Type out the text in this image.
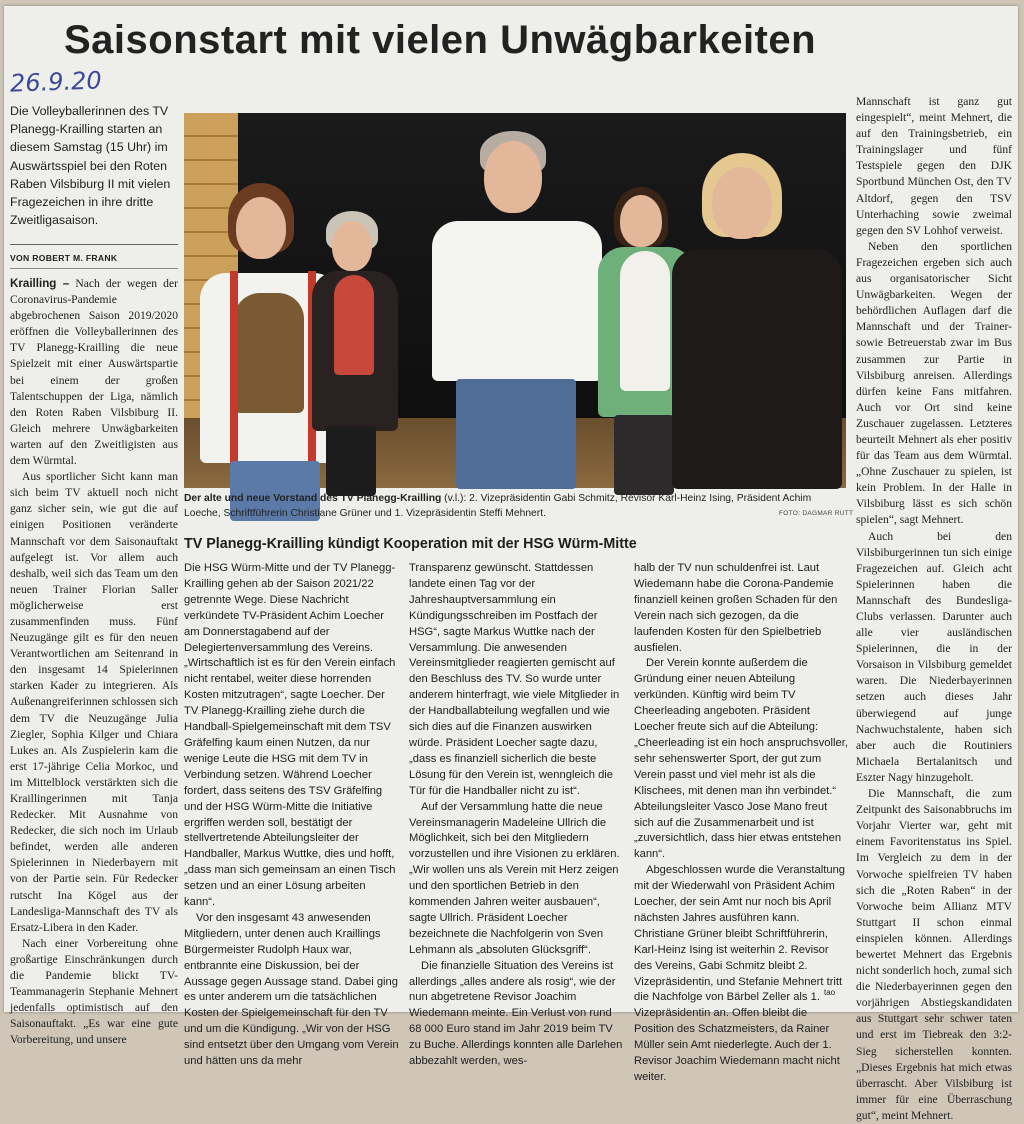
Saisonstart mit vielen Unwägbarkeiten
26.9.20
Die Volleyballerinnen des TV Planegg-Krailling starten an diesem Samstag (15 Uhr) im Auswärtsspiel bei den Roten Raben Vilsbiburg II mit vielen Fragezeichen in ihre dritte Zweitligasaison.
VON ROBERT M. FRANK

Krailling – Nach der wegen der Coronavirus-Pandemie abgebrochenen Saison 2019/2020 eröffnen die Volleyballerinnen des TV Planegg-Krailling die neue Spielzeit mit einer Auswärtspartie bei einem der großen Talentschuppen der Liga, nämlich den Roten Raben Vilsbiburg II. Gleich mehrere Unwägbarkeiten warten auf den Zweitligisten aus dem Würmtal.

Aus sportlicher Sicht kann man sich beim TV aktuell noch nicht ganz sicher sein, wie gut die auf einigen Positionen veränderte Mannschaft vor dem Saisonauftakt aufgelegt ist. Vor allem auch deshalb, weil sich das Team um den neuen Trainer Florian Saller möglicherweise erst zusammenfinden muss. Fünf Neuzugänge gilt es für den neuen Verantwortlichen am Seitenrand in den insgesamt 14 Spielerinnen starken Kader zu integrieren. Als Außenangreiferinnen schlossen sich dem TV die Neuzugänge Julia Ziegler, Sophia Kilger und Chiara Lukes an. Als Zuspielerin kam die erst 17-jährige Celia Morkoc, und im Mittelblock verstärkten sich die Kraillingerinnen mit Tanja Redecker. Mit Ausnahme von Redecker, die sich noch im Urlaub befindet, werden alle anderen Spielerinnen in Niederbayern mit von der Partie sein. Für Redecker rutscht Ina Kögel aus der Landesliga-Mannschaft des TV als Ersatz-Libera in den Kader.

Nach einer Vorbereitung ohne großartige Einschränkungen durch die Pandemie blickt TV-Teammanagerin Stephanie Mehnert jedenfalls optimistisch auf den Saisonauftakt. „Es war eine gute Vorbereitung, und unsere

Der alte und neue Vorstand des TV Planegg-Krailling (v.l.): 2. Vizepräsidentin Gabi Schmitz, Revisor Karl-Heinz Ising, Präsident Achim Loeche, Schriftführerin Christiane Grüner und 1. Vizepräsidentin Steffi Mehnert.	FOTO: DAGMAR RUTT
TV Planegg-Krailling kündigt Kooperation mit der HSG Würm-Mitte

Die HSG Würm-Mitte und der TV Planegg-Krailling gehen ab der Saison 2021/22 getrennte Wege. Diese Nachricht verkündete TV-Präsident Achim Loecher am Donnerstagabend auf der Delegiertenversammlung des Vereins. „Wirtschaftlich ist es für den Verein einfach nicht rentabel, weiter diese horrenden Kosten mitzutragen“, sagte Loecher. Der TV Planegg-Krailling ziehe durch die Handball-Spielgemeinschaft mit dem TSV Gräfelfing kaum einen Nutzen, da nur wenige Leute die HSG mit dem TV in Verbindung setzen. Während Loecher fordert, dass seitens des TSV Gräfelfing und der HSG Würm-Mitte die Initiative ergriffen werden soll, bestätigt der stellvertretende Abteilungsleiter der Handballer, Markus Wuttke, dies und hofft, „dass man sich gemeinsam an einen Tisch setzen und an einer Lösung arbeiten kann“.

Vor den insgesamt 43 anwesenden Mitgliedern, unter denen auch Kraillings Bürgermeister Rudolph Haux war, entbrannte eine Diskussion, bei der Aussage gegen Aussage stand. Dabei ging es unter anderem um die tatsächlichen Kosten der Spielgemeinschaft für den TV und um die Kündigung. „Wir von der HSG sind entsetzt über den Umgang vom Verein und hätten uns da mehr

Transparenz gewünscht. Stattdessen landete einen Tag vor der Jahreshauptversammlung ein Kündigungsschreiben im Postfach der HSG“, sagte Markus Wuttke nach der Versammlung. Die anwesenden Vereinsmitglieder reagierten gemischt auf den Beschluss des TV. So wurde unter anderem hinterfragt, wie viele Mitglieder in der Handballabteilung wegfallen und wie sich dies auf die Finanzen auswirken würde. Präsident Loecher sagte dazu, „dass es finanziell sicherlich die beste Lösung für den Verein ist, wenngleich die Tür für die Handballer nicht zu ist“.

Auf der Versammlung hatte die neue Vereinsmanagerin Madeleine Ullrich die Möglichkeit, sich bei den Mitgliedern vorzustellen und ihre Visionen zu erklären. „Wir wollen uns als Verein mit Herz zeigen und den sportlichen Betrieb in den kommenden Jahren weiter ausbauen“, sagte Ullrich. Präsident Loecher bezeichnete die Nachfolgerin von Sven Lehmann als „absoluten Glücksgriff“.

Die finanzielle Situation des Vereins ist allerdings „alles andere als rosig“, wie der nun abgetretene Revisor Joachim Wiedemann meinte. Ein Verlust von rund 68 000 Euro stand im Jahr 2019 beim TV zu Buche. Allerdings konnten alle Darlehen abbezahlt werden, wes-

halb der TV nun schuldenfrei ist. Laut Wiedemann habe die Corona-Pandemie finanziell keinen großen Schaden für den Verein nach sich gezogen, da die laufenden Kosten für den Spielbetrieb ausfielen.

Der Verein konnte außerdem die Gründung einer neuen Abteilung verkünden. Künftig wird beim TV Cheerleading angeboten. Präsident Loecher freute sich auf die Abteilung: „Cheerleading ist ein hoch anspruchsvoller, sehr sehenswerter Sport, der gut zum Verein passt und viel mehr ist als die Klischees, mit denen man ihn verbindet.“ Abteilungsleiter Vasco Jose Mano freut sich auf die Zusammenarbeit und ist „zuversichtlich, dass hier etwas entstehen kann“.

Abgeschlossen wurde die Veranstaltung mit der Wiederwahl von Präsident Achim Loecher, der sein Amt nur noch bis April nächsten Jahres ausführen kann. Christiane Grüner bleibt Schriftführerin, Karl-Heinz Ising ist weiterhin 2. Revisor des Vereins, Gabi Schmitz bleibt 2. Vizepräsidentin, und Stefanie Mehnert tritt die Nachfolge von Bärbel Zeller als 1. Vizepräsidentin an. Offen bleibt die Position des Schatzmeisters, da Rainer Müller sein Amt niederlegte. Auch der 1. Revisor Joachim Wiedemann macht nicht weiter.

tao

Mannschaft ist ganz gut eingespielt“, meint Mehnert, die auf den Trainingsbetrieb, ein Trainingslager und fünf Testspiele gegen den DJK Sportbund München Ost, den TV Altdorf, gegen den TSV Unterhaching sowie zweimal gegen den SV Lohhof verweist.

Neben den sportlichen Fragezeichen ergeben sich auch aus organisatorischer Sicht Unwägbarkeiten. Wegen der behördlichen Auflagen darf die Mannschaft und der Trainer- sowie Betreuerstab zwar im Bus zusammen zur Partie in Vilsbiburg anreisen. Allerdings dürfen keine Fans mitfahren. Auch vor Ort sind keine Zuschauer zugelassen. Letzteres beurteilt Mehnert als eher positiv für das Team aus dem Würmtal. „Ohne Zuschauer zu spielen, ist kein Problem. In der Halle in Vilsbiburg lässt es sich schön spielen“, sagt Mehnert.

Auch bei den Vilsbiburgerinnen tun sich einige Fragezeichen auf. Gleich acht Spielerinnen haben die Mannschaft des Bundesliga-Clubs verlassen. Darunter auch alle vier ausländischen Spielerinnen, die in der Vorsaison in Vilsbiburg gemeldet waren. Die Niederbayerinnen setzen auch dieses Jahr überwiegend auf junge Nachwuchstalente, haben sich aber auch die Routiniers Michaela Bertalanitsch und Eszter Nagy hinzugeholt.

Die Mannschaft, die zum Zeitpunkt des Saisonabbruchs im Vorjahr Vierter war, geht mit einem Favoritenstatus ins Spiel. Im Vergleich zu dem in der Vorwoche spielfreien TV haben sich die „Roten Raben“ in der Vorwoche beim Allianz MTV Stuttgart II schon einmal einspielen können. Allerdings bewertet Mehnert das Ergebnis nicht sonderlich hoch, zumal sich die Niederbayerinnen gegen den vorjährigen Abstiegskandidaten aus Stuttgart sehr schwer taten und erst im Tiebreak den 3:2-Sieg sicherstellen konnten. „Dieses Ergebnis hat mich etwas überrascht. Aber Vilsbiburg ist immer für eine Überraschung gut“, meint Mehnert.
